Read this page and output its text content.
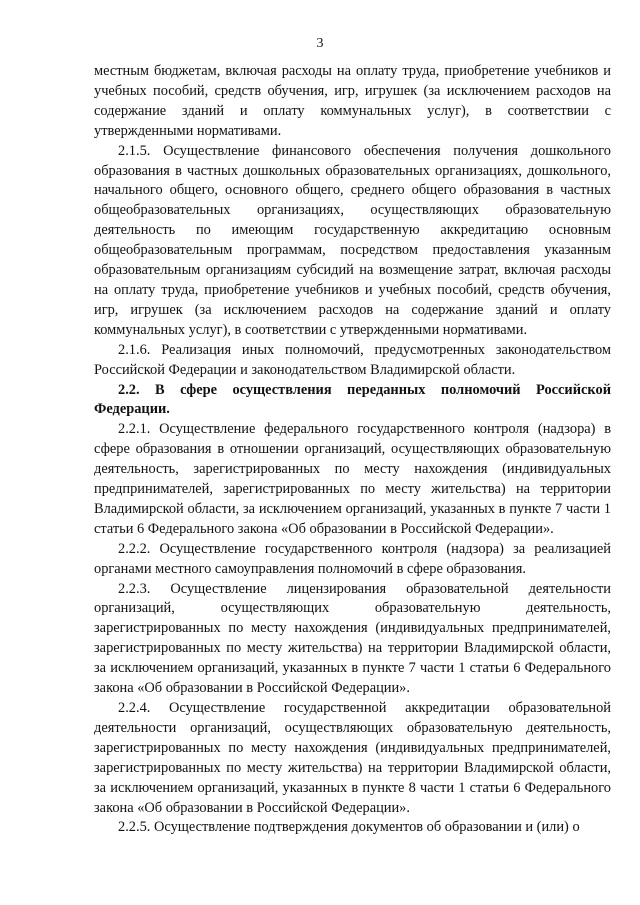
3

местным бюджетам, включая расходы на оплату труда, приобретение учебников и учебных пособий, средств обучения, игр, игрушек (за исключением расходов на содержание зданий и оплату коммунальных услуг), в соответствии с утвержденными нормативами.

2.1.5. Осуществление финансового обеспечения получения дошкольного образования в частных дошкольных образовательных организациях, дошкольного, начального общего, основного общего, среднего общего образования в частных общеобразовательных организациях, осуществляющих образовательную деятельность по имеющим государственную аккредитацию основным общеобразовательным программам, посредством предоставления указанным образовательным организациям субсидий на возмещение затрат, включая расходы на оплату труда, приобретение учебников и учебных пособий, средств обучения, игр, игрушек (за исключением расходов на содержание зданий и оплату коммунальных услуг), в соответствии с утвержденными нормативами.

2.1.6. Реализация иных полномочий, предусмотренных законодательством Российской Федерации и законодательством Владимирской области.

2.2. В сфере осуществления переданных полномочий Российской Федерации.

2.2.1. Осуществление федерального государственного контроля (надзора) в сфере образования в отношении организаций, осуществляющих образовательную деятельность, зарегистрированных по месту нахождения (индивидуальных предпринимателей, зарегистрированных по месту жительства) на территории Владимирской области, за исключением организаций, указанных в пункте 7 части 1 статьи 6 Федерального закона «Об образовании в Российской Федерации».

2.2.2. Осуществление государственного контроля (надзора) за реализацией органами местного самоуправления полномочий в сфере образования.

2.2.3. Осуществление лицензирования образовательной деятельности организаций, осуществляющих образовательную деятельность, зарегистрированных по месту нахождения (индивидуальных предпринимателей, зарегистрированных по месту жительства) на территории Владимирской области, за исключением организаций, указанных в пункте 7 части 1 статьи 6 Федерального закона «Об образовании в Российской Федерации».

2.2.4. Осуществление государственной аккредитации образовательной деятельности организаций, осуществляющих образовательную деятельность, зарегистрированных по месту нахождения (индивидуальных предпринимателей, зарегистрированных по месту жительства) на территории Владимирской области, за исключением организаций, указанных в пункте 8 части 1 статьи 6 Федерального закона «Об образовании в Российской Федерации».

2.2.5. Осуществление подтверждения документов об образовании и (или) о
